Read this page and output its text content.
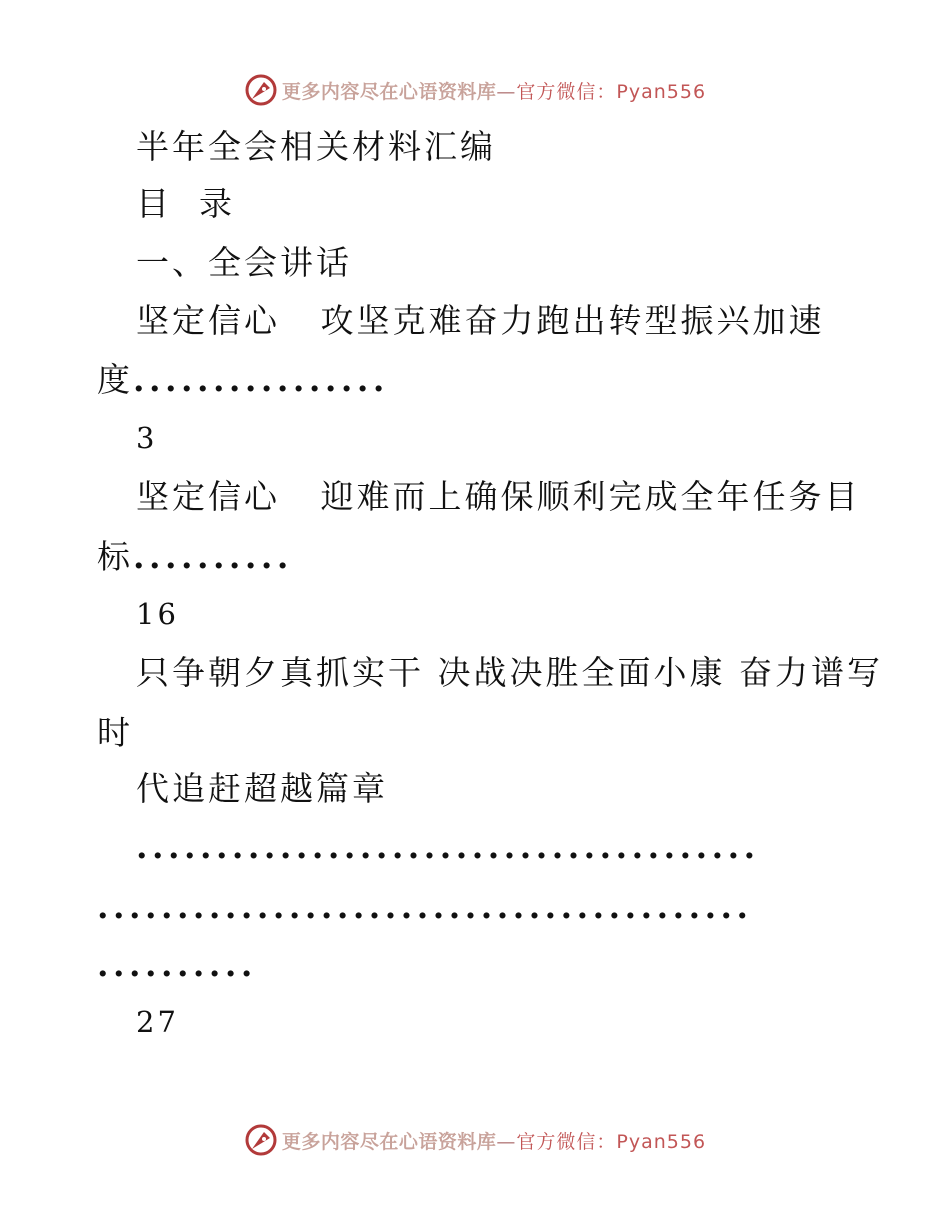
更多内容尽在心语资料库 —官方微信：Pyan556
半年全会相关材料汇编
目  录
一、全会讲话
坚定信心   攻坚克难奋力跑出转型振兴加速
度................
3
坚定信心   迎难而上确保顺利完成全年任务目
标..........
16
只争朝夕真抓实干 决战决胜全面小康 奋力谱写
时
代追赶超越篇章
.......................................
.........................................
..........
27
更多内容尽在心语资料库 —官方微信：Pyan556
